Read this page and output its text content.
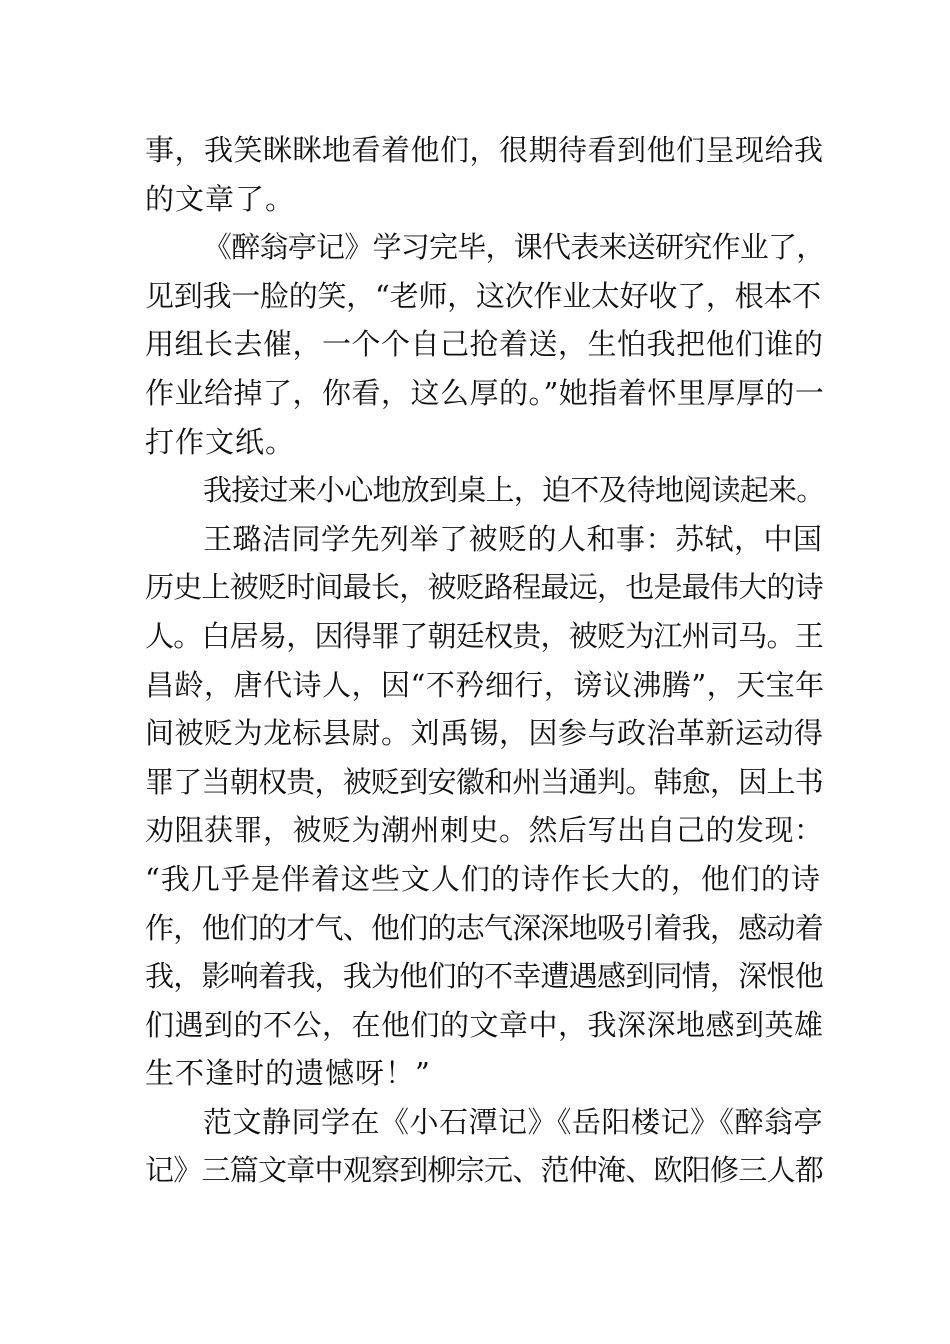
事，我笑眯眯地看着他们，很期待看到他们呈现给我
的文章了。
《醉翁亭记》学习完毕，课代表来送研究作业了，
见到我一脸的笑，“老师，这次作业太好收了，根本不
用组长去催，一个个自己抢着送，生怕我把他们谁的
作业给掉了，你看，这么厚的。”她指着怀里厚厚的一
打作文纸。
我接过来小心地放到桌上，迫不及待地阅读起来。
王璐洁同学先列举了被贬的人和事：苏轼，中国
历史上被贬时间最长，被贬路程最远，也是最伟大的诗
人。白居易，因得罪了朝廷权贵，被贬为江州司马。王
昌龄，唐代诗人，因“不矜细行，谤议沸腾”，天宝年
间被贬为龙标县尉。刘禹锡，因参与政治革新运动得
罪了当朝权贵，被贬到安徽和州当通判。韩愈，因上书
劝阻获罪，被贬为潮州刺史。然后写出自己的发现：
“我几乎是伴着这些文人们的诗作长大的，他们的诗
作，他们的才气、他们的志气深深地吸引着我，感动着
我，影响着我，我为他们的不幸遭遇感到同情，深恨他
们遇到的不公，在他们的文章中，我深深地感到英雄
生不逢时的遗憾呀！”
范文静同学在《小石潭记》《岳阳楼记》《醉翁亭
记》三篇文章中观察到柳宗元、范仲淹、欧阳修三人都
